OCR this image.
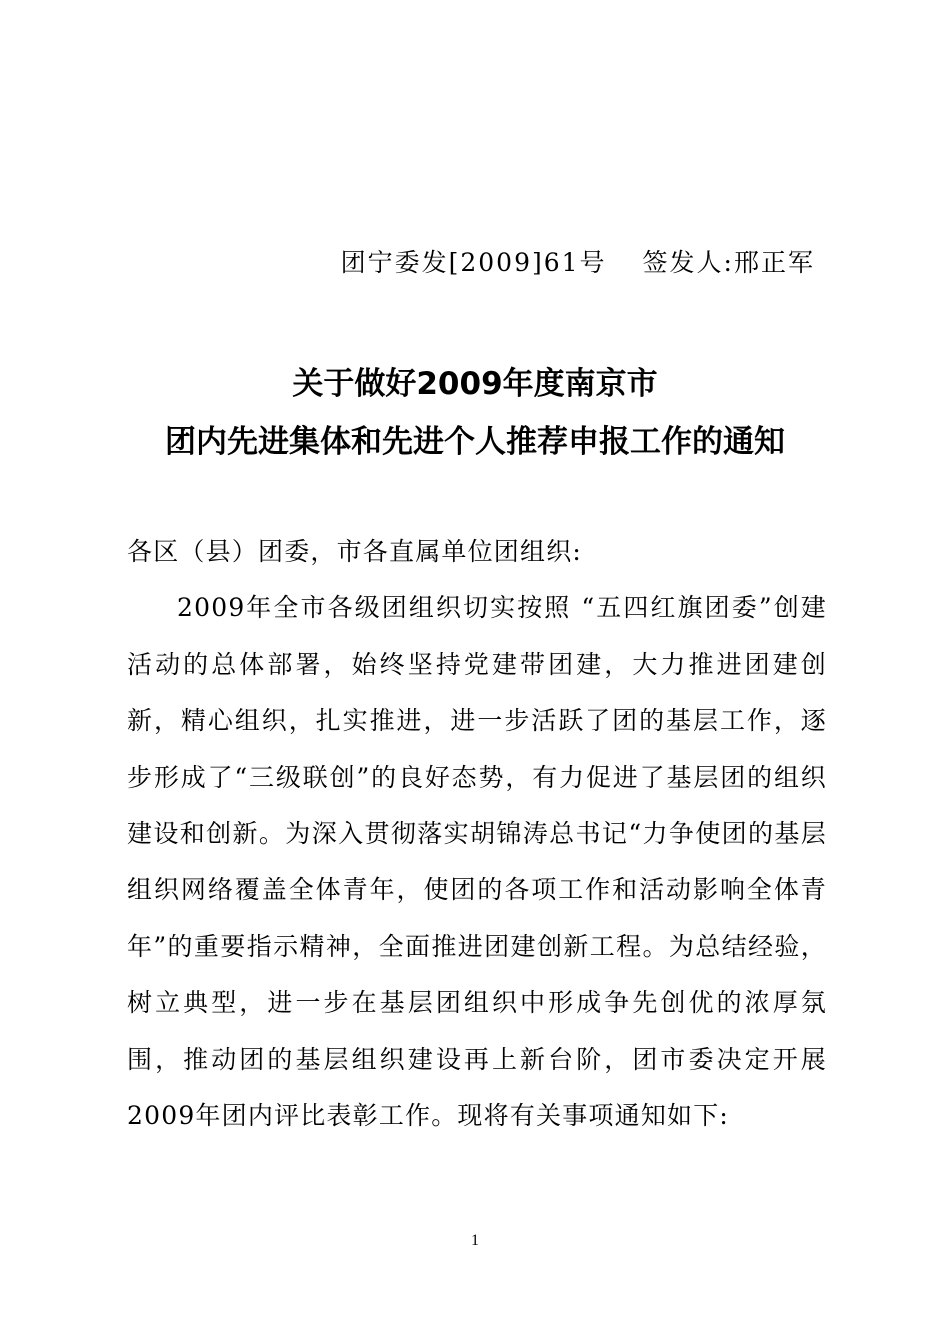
团宁委发[2009]61号 签发人:邢正军
关于做好2009年度南京市
团内先进集体和先进个人推荐申报工作的通知
各区（县）团委，市各直属单位团组织:

2009年全市各级团组织切实按照 “五四红旗团委”创建活动的总体部署，始终坚持党建带团建，大力推进团建创新，精心组织，扎实推进，进一步活跃了团的基层工作，逐步形成了“三级联创”的良好态势，有力促进了基层团的组织建设和创新。为深入贯彻落实胡锦涛总书记“力争使团的基层组织网络覆盖全体青年，使团的各项工作和活动影响全体青年”的重要指示精神，全面推进团建创新工程。为总结经验，树立典型，进一步在基层团组织中形成争先创优的浓厚氛围，推动团的基层组织建设再上新台阶，团市委决定开展2009年团内评比表彰工作。现将有关事项通知如下:

1
